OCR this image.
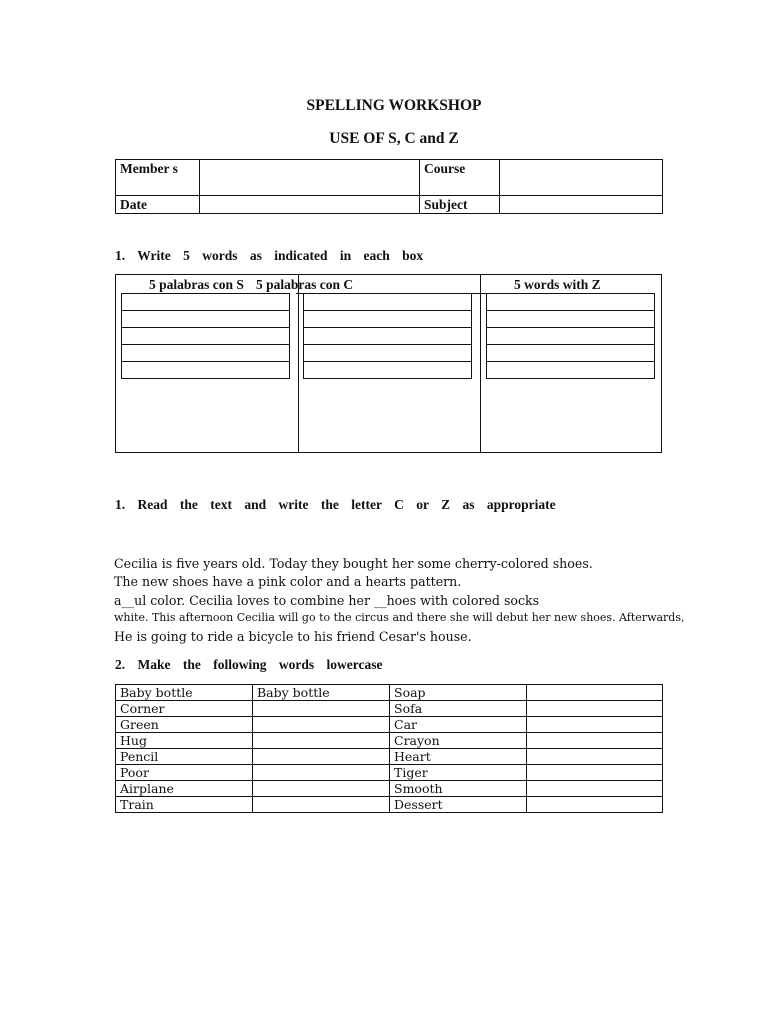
SPELLING WORKSHOP
USE OF S, C and Z
Member s		Course	
Date		Subject	
1. Write 5 words as indicated in each box
5 palabras con S 5 palabras con C	5 words with Z
1. Read the text and write the letter C or Z as appropriate
Cecilia is five years old. Today they bought her some cherry-colored shoes.
The new shoes have a pink color and a hearts pattern.
a__ul color. Cecilia loves to combine her __hoes with colored socks
white. This afternoon Cecilia will go to the circus and there she will debut her new shoes. Afterwards,
He is going to ride a bicycle to his friend Cesar's house.
2. Make the following words lowercase
Baby bottle	Baby bottle	Soap	
Corner		Sofa	
Green		Car	
Hug		Crayon	
Pencil		Heart	
Poor		Tiger	
Airplane		Smooth	
Train		Dessert	
